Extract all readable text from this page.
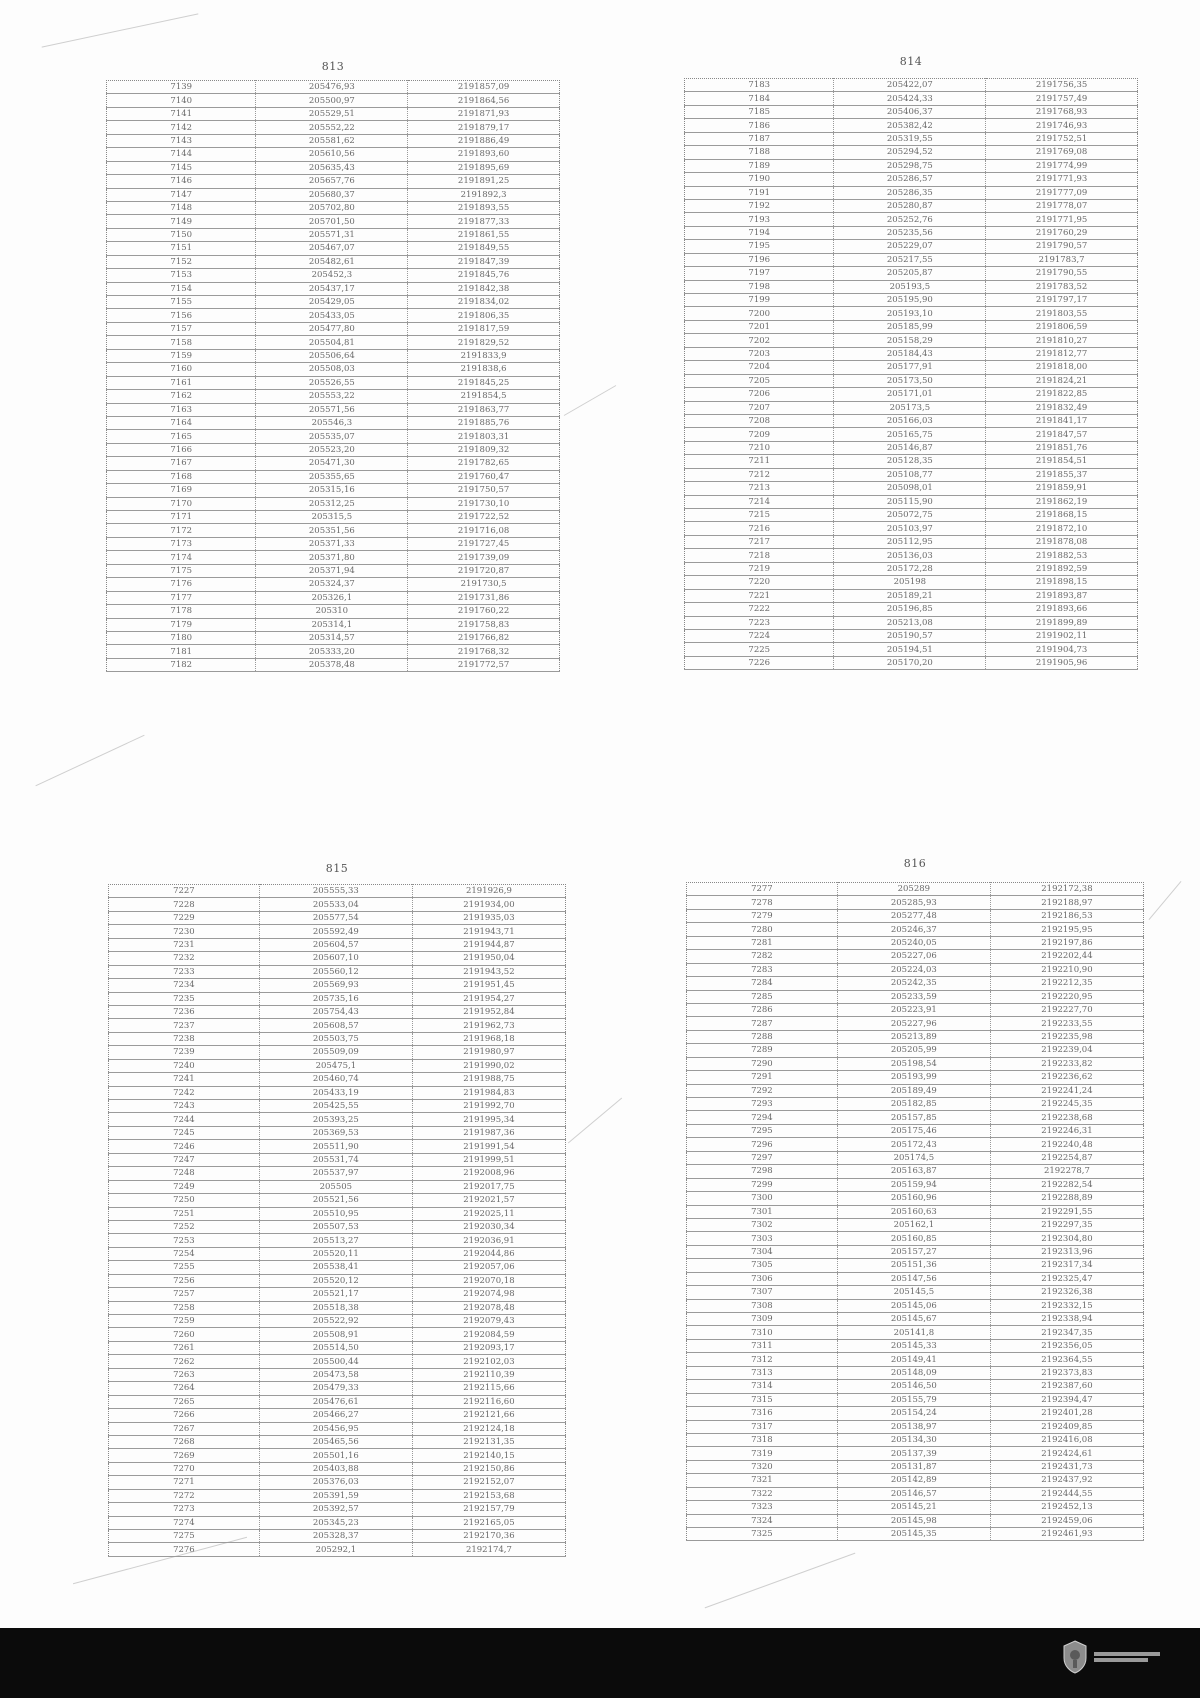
813
7139	205476,93	2191857,09
7140	205500,97	2191864,56
7141	205529,51	2191871,93
7142	205552,22	2191879,17
7143	205581,62	2191886,49
7144	205610,56	2191893,60
7145	205635,43	2191895,69
7146	205657,76	2191891,25
7147	205680,37	2191892,3
7148	205702,80	2191893,55
7149	205701,50	2191877,33
7150	205571,31	2191861,55
7151	205467,07	2191849,55
7152	205482,61	2191847,39
7153	205452,3	2191845,76
7154	205437,17	2191842,38
7155	205429,05	2191834,02
7156	205433,05	2191806,35
7157	205477,80	2191817,59
7158	205504,81	2191829,52
7159	205506,64	2191833,9
7160	205508,03	2191838,6
7161	205526,55	2191845,25
7162	205553,22	2191854,5
7163	205571,56	2191863,77
7164	205546,3	2191885,76
7165	205535,07	2191803,31
7166	205523,20	2191809,32
7167	205471,30	2191782,65
7168	205355,65	2191760,47
7169	205315,16	2191750,57
7170	205312,25	2191730,10
7171	205315,5	2191722,52
7172	205351,56	2191716,08
7173	205371,33	2191727,45
7174	205371,80	2191739,09
7175	205371,94	2191720,87
7176	205324,37	2191730,5
7177	205326,1	2191731,86
7178	205310	2191760,22
7179	205314,1	2191758,83
7180	205314,57	2191766,82
7181	205333,20	2191768,32
7182	205378,48	2191772,57
814
7183	205422,07	2191756,35
7184	205424,33	2191757,49
7185	205406,37	2191768,93
7186	205382,42	2191746,93
7187	205319,55	2191752,51
7188	205294,52	2191769,08
7189	205298,75	2191774,99
7190	205286,57	2191771,93
7191	205286,35	2191777,09
7192	205280,87	2191778,07
7193	205252,76	2191771,95
7194	205235,56	2191760,29
7195	205229,07	2191790,57
7196	205217,55	2191783,7
7197	205205,87	2191790,55
7198	205193,5	2191783,52
7199	205195,90	2191797,17
7200	205193,10	2191803,55
7201	205185,99	2191806,59
7202	205158,29	2191810,27
7203	205184,43	2191812,77
7204	205177,91	2191818,00
7205	205173,50	2191824,21
7206	205171,01	2191822,85
7207	205173,5	2191832,49
7208	205166,03	2191841,17
7209	205165,75	2191847,57
7210	205146,87	2191851,76
7211	205128,35	2191854,51
7212	205108,77	2191855,37
7213	205098,01	2191859,91
7214	205115,90	2191862,19
7215	205072,75	2191868,15
7216	205103,97	2191872,10
7217	205112,95	2191878,08
7218	205136,03	2191882,53
7219	205172,28	2191892,59
7220	205198	2191898,15
7221	205189,21	2191893,87
7222	205196,85	2191893,66
7223	205213,08	2191899,89
7224	205190,57	2191902,11
7225	205194,51	2191904,73
7226	205170,20	2191905,96
815
7227	205555,33	2191926,9
7228	205533,04	2191934,00
7229	205577,54	2191935,03
7230	205592,49	2191943,71
7231	205604,57	2191944,87
7232	205607,10	2191950,04
7233	205560,12	2191943,52
7234	205569,93	2191951,45
7235	205735,16	2191954,27
7236	205754,43	2191952,84
7237	205608,57	2191962,73
7238	205503,75	2191968,18
7239	205509,09	2191980,97
7240	205475,1	2191990,02
7241	205460,74	2191988,75
7242	205433,19	2191984,83
7243	205425,55	2191992,70
7244	205393,25	2191995,34
7245	205369,53	2191987,36
7246	205511,90	2191991,54
7247	205531,74	2191999,51
7248	205537,97	2192008,96
7249	205505	2192017,75
7250	205521,56	2192021,57
7251	205510,95	2192025,11
7252	205507,53	2192030,34
7253	205513,27	2192036,91
7254	205520,11	2192044,86
7255	205538,41	2192057,06
7256	205520,12	2192070,18
7257	205521,17	2192074,98
7258	205518,38	2192078,48
7259	205522,92	2192079,43
7260	205508,91	2192084,59
7261	205514,50	2192093,17
7262	205500,44	2192102,03
7263	205473,58	2192110,39
7264	205479,33	2192115,66
7265	205476,61	2192116,60
7266	205466,27	2192121,66
7267	205456,95	2192124,18
7268	205465,56	2192131,35
7269	205501,16	2192140,15
7270	205403,88	2192150,86
7271	205376,03	2192152,07
7272	205391,59	2192153,68
7273	205392,57	2192157,79
7274	205345,23	2192165,05
7275	205328,37	2192170,36
7276	205292,1	2192174,7
816
7277	205289	2192172,38
7278	205285,93	2192188,97
7279	205277,48	2192186,53
7280	205246,37	2192195,95
7281	205240,05	2192197,86
7282	205227,06	2192202,44
7283	205224,03	2192210,90
7284	205242,35	2192212,35
7285	205233,59	2192220,95
7286	205223,91	2192227,70
7287	205227,96	2192233,55
7288	205213,89	2192235,98
7289	205205,99	2192239,04
7290	205198,54	2192233,82
7291	205193,99	2192236,62
7292	205189,49	2192241,24
7293	205182,85	2192245,35
7294	205157,85	2192238,68
7295	205175,46	2192246,31
7296	205172,43	2192240,48
7297	205174,5	2192254,87
7298	205163,87	2192278,7
7299	205159,94	2192282,54
7300	205160,96	2192288,89
7301	205160,63	2192291,55
7302	205162,1	2192297,35
7303	205160,85	2192304,80
7304	205157,27	2192313,96
7305	205151,36	2192317,34
7306	205147,56	2192325,47
7307	205145,5	2192326,38
7308	205145,06	2192332,15
7309	205145,67	2192338,94
7310	205141,8	2192347,35
7311	205145,33	2192356,05
7312	205149,41	2192364,55
7313	205148,09	2192373,83
7314	205146,50	2192387,60
7315	205155,79	2192394,47
7316	205154,24	2192401,28
7317	205138,97	2192409,85
7318	205134,30	2192416,08
7319	205137,39	2192424,61
7320	205131,87	2192431,73
7321	205142,89	2192437,92
7322	205146,57	2192444,55
7323	205145,21	2192452,13
7324	205145,98	2192459,06
7325	205145,35	2192461,93
